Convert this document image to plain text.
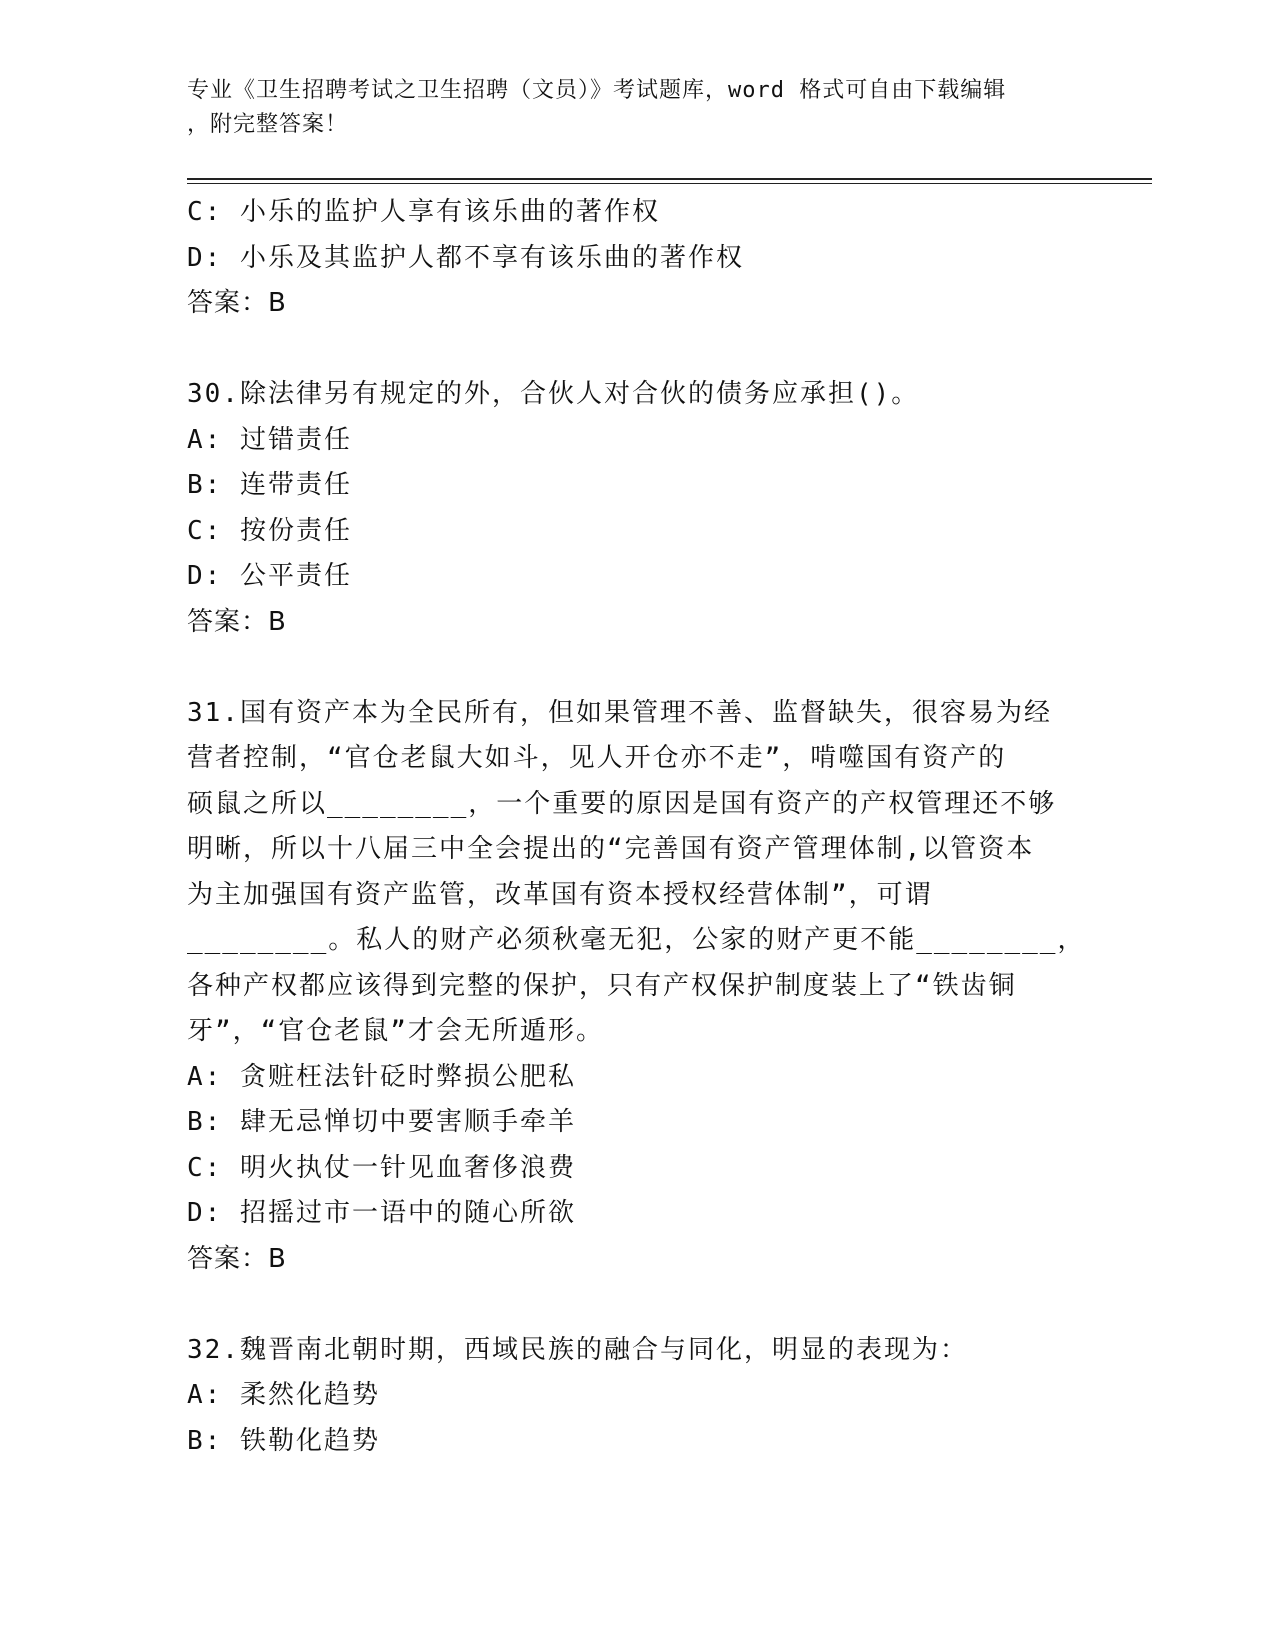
专业《卫生招聘考试之卫生招聘（文员）》考试题库，word 格式可自由下载编辑
，附完整答案！
C: 小乐的监护人享有该乐曲的著作权
D: 小乐及其监护人都不享有该乐曲的著作权
答案：B
30.除法律另有规定的外，合伙人对合伙的债务应承担()。
A: 过错责任
B: 连带责任
C: 按份责任
D: 公平责任
答案：B
31.国有资产本为全民所有，但如果管理不善、监督缺失，很容易为经
营者控制，“官仓老鼠大如斗，见人开仓亦不走”，啃噬国有资产的
硕鼠之所以________，一个重要的原因是国有资产的产权管理还不够
明晰，所以十八届三中全会提出的“完善国有资产管理体制,以管资本
为主加强国有资产监管，改革国有资本授权经营体制”，可谓
________。私人的财产必须秋毫无犯，公家的财产更不能________，
各种产权都应该得到完整的保护，只有产权保护制度装上了“铁齿铜
牙”，“官仓老鼠”才会无所遁形。
A: 贪赃枉法针砭时弊损公肥私
B: 肆无忌惮切中要害顺手牵羊
C: 明火执仗一针见血奢侈浪费
D: 招摇过市一语中的随心所欲
答案：B
32.魏晋南北朝时期，西域民族的融合与同化，明显的表现为：
A: 柔然化趋势
B: 铁勒化趋势
